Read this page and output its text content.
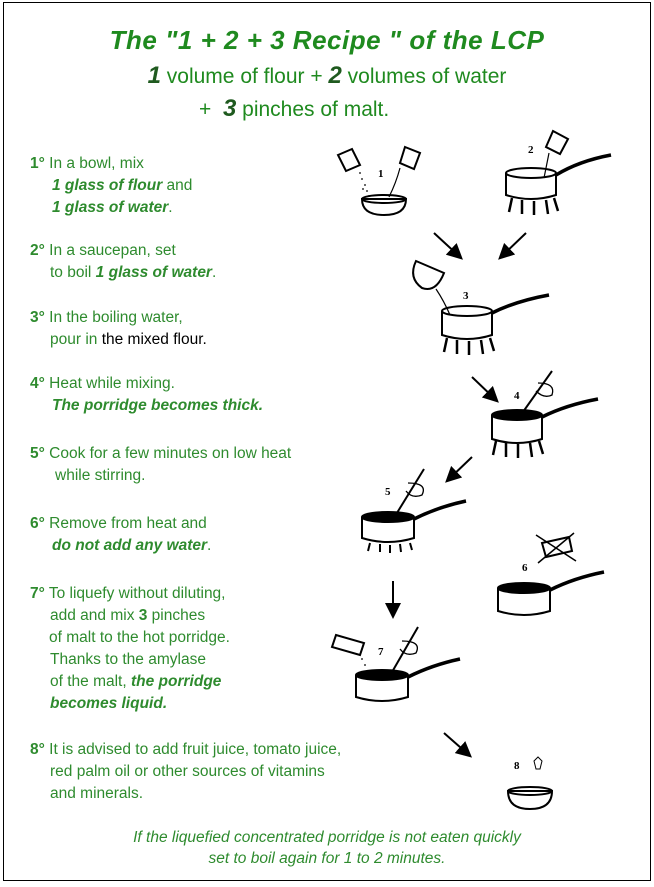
The "1 + 2 + 3 Recipe " of the LCP
1 volume of flour + 2 volumes of water
+  3 pinches of malt.
1° In a bowl, mix
1 glass of flour and
1 glass of water.
2° In a saucepan, set
to boil 1 glass of water.
3° In the boiling water,
pour in the mixed flour.
4° Heat while mixing.
The porridge becomes thick.
5° Cook for a few minutes on low heat
while stirring.
6° Remove from heat and
do not add any water.
7° To liquefy without diluting,
add and mix 3 pinches
of malt to the hot porridge.
Thanks to the amylase
of the malt, the porridge
becomes liquid.
8° It is advised to add fruit juice, tomato juice,
red palm oil or other sources of vitamins
and minerals.
If the liquefied concentrated porridge is not eaten quickly
set to boil again for 1 to 2 minutes.
1
2
3
4
5
6
7
8
